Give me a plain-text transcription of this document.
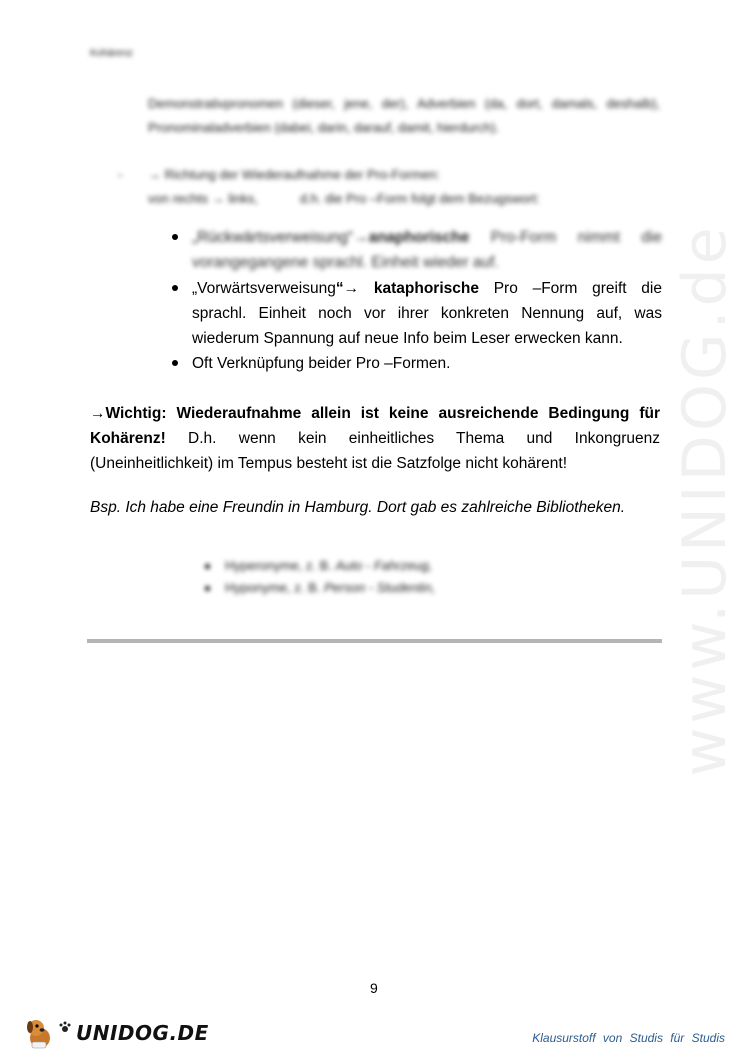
Kohärenz
Demonstrativpronomen (dieser, jene, der), Adverbien (da, dort, damals, deshalb), Pronominaladverbien (dabei, darin, darauf, damit, hierdurch).
- → Richtung der Wiederaufnahme der Pro-Formen:
von rechts → links,	d.h. die Pro –Form folgt dem Bezugswort:
„Rückwärtsverweisung“→anaphorische Pro-Form nimmt die vorangegangene sprachl. Einheit wieder auf.
„Vorwärtsverweisung“→ kataphorische Pro –Form greift die sprachl. Einheit noch vor ihrer konkreten Nennung auf, was wiederum Spannung auf neue Info beim Leser erwecken kann.
Oft Verknüpfung beider Pro –Formen.
→Wichtig: Wiederaufnahme allein ist keine ausreichende Bedingung für Kohärenz! D.h. wenn kein einheitliches Thema und Inkongruenz (Uneinheitlichkeit) im Tempus besteht ist die Satzfolge nicht kohärent!
Bsp. Ich habe eine Freundin in Hamburg. Dort gab es zahlreiche Bibliotheken.
Hyperonyme, z. B. Auto - Fahrzeug,
Hyponyme, z. B. Person - Studentin,	www.UNIDOG.de
9
UNIDOG.DE	Klausurstoff von Studis für Studis
